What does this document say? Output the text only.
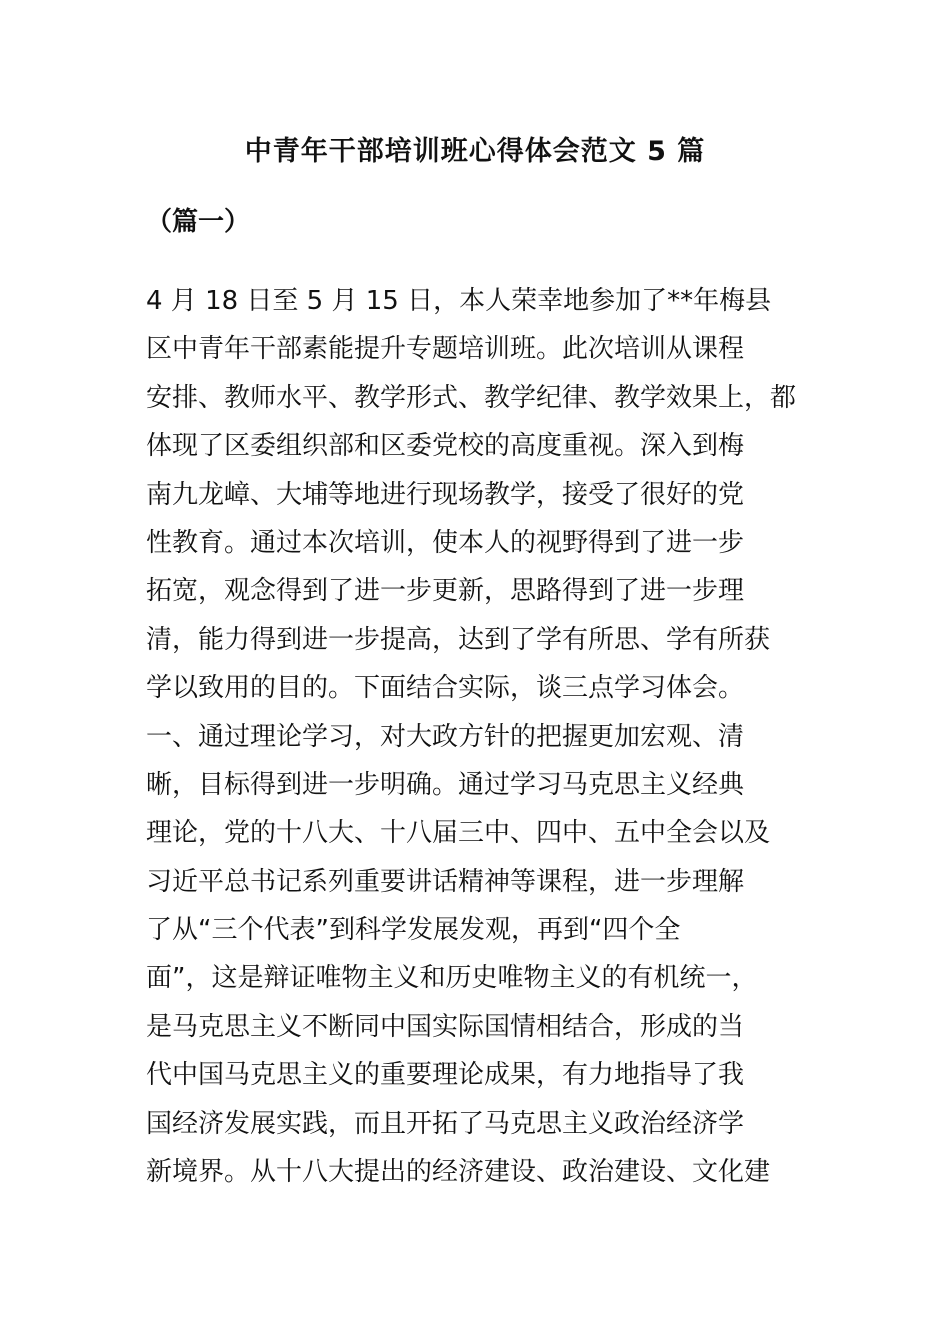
中青年干部培训班心得体会范文 5 篇

（篇一）

4 月 18 日至 5 月 15 日，本人荣幸地参加了**年梅县
区中青年干部素能提升专题培训班。此次培训从课程
安排、教师水平、教学形式、教学纪律、教学效果上，都
体现了区委组织部和区委党校的高度重视。深入到梅
南九龙嶂、大埔等地进行现场教学，接受了很好的党
性教育。通过本次培训，使本人的视野得到了进一步
拓宽，观念得到了进一步更新，思路得到了进一步理
清，能力得到进一步提高，达到了学有所思、学有所获
学以致用的目的。下面结合实际，谈三点学习体会。
一、通过理论学习，对大政方针的把握更加宏观、清
晰，目标得到进一步明确。通过学习马克思主义经典
理论，党的十八大、十八届三中、四中、五中全会以及
习近平总书记系列重要讲话精神等课程，进一步理解
了从“三个代表”到科学发展发观，再到“四个全
面”，这是辩证唯物主义和历史唯物主义的有机统一，
是马克思主义不断同中国实际国情相结合，形成的当
代中国马克思主义的重要理论成果，有力地指导了我
国经济发展实践，而且开拓了马克思主义政治经济学
新境界。从十八大提出的经济建设、政治建设、文化建
